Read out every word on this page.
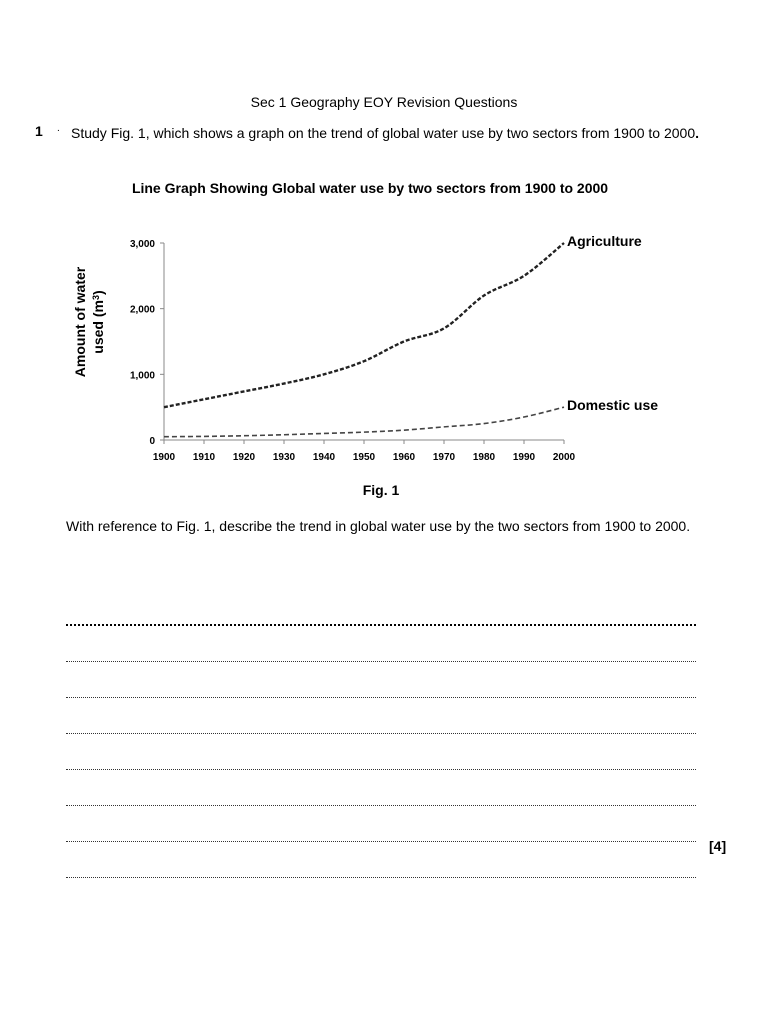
Sec 1 Geography EOY Revision Questions
1 . Study Fig. 1, which shows a graph on the trend of global water use by two sectors from 1900 to 2000.
Line Graph Showing Global water use by two sectors from 1900 to 2000
Amount of water used $(m^3)$
0
1,000
2,000
3,000
1900 1910 1920 1930 1940 1950 1960 1970 1980 1990 2000
Agriculture
Domestic use
Fig. 1
With reference to Fig. 1, describe the trend in global water use by the two sectors from 1900 to 2000.
[4]
